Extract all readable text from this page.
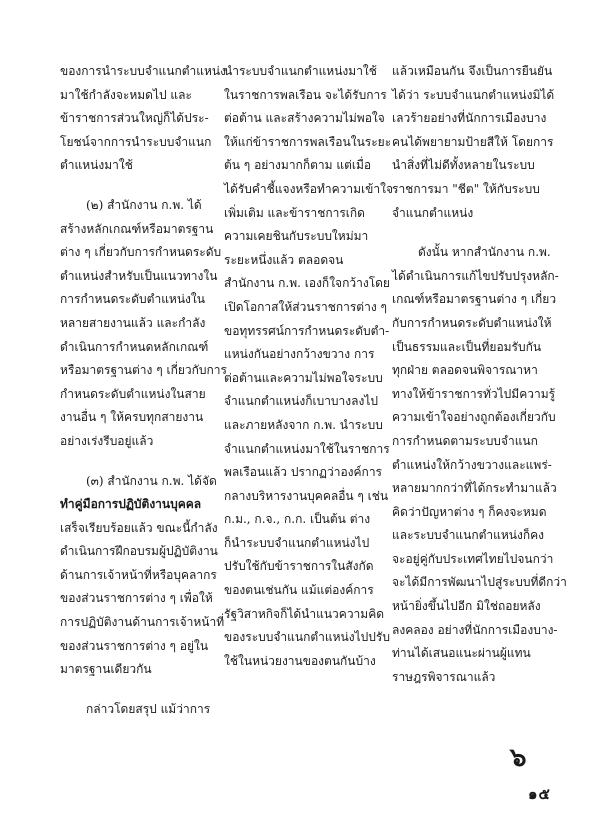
ของการนำระบบจำแนกตำแหน่ง
มาใช้กำลังจะหมดไป และ
ข้าราชการส่วนใหญ่ก็ได้ประ-
โยชน์จากการนำระบบจำแนก
ตำแหน่งมาใช้
(๒) สำนักงาน ก.พ. ได้
สร้างหลักเกณฑ์หรือมาตรฐาน
ต่าง ๆ เกี่ยวกับการกำหนดระดับ
ตำแหน่งสำหรับเป็นแนวทางใน
การกำหนดระดับตำแหน่งใน
หลายสายงานแล้ว และกำลัง
ดำเนินการกำหนดหลักเกณฑ์
หรือมาตรฐานต่าง ๆ เกี่ยวกับการ
กำหนดระดับตำแหน่งในสาย
งานอื่น ๆ ให้ครบทุกสายงาน
อย่างเร่งรีบอยู่แล้ว
(๓) สำนักงาน ก.พ. ได้จัด
ทำคู่มือการปฏิบัติงานบุคคล
เสร็จเรียบร้อยแล้ว ขณะนี้กำลัง
ดำเนินการฝึกอบรมผู้ปฏิบัติงาน
ด้านการเจ้าหน้าที่หรือบุคลากร
ของส่วนราชการต่าง ๆ เพื่อให้
การปฏิบัติงานด้านการเจ้าหน้าที่
ของส่วนราชการต่าง ๆ อยู่ใน
มาตรฐานเดียวกัน
กล่าวโดยสรุป แม้ว่าการ
นำระบบจำแนกตำแหน่งมาใช้
ในราชการพลเรือน จะได้รับการ
ต่อต้าน และสร้างความไม่พอใจ
ให้แก่ข้าราชการพลเรือนในระยะ
ต้น ๆ อย่างมากก็ตาม แต่เมื่อ
ได้รับคำชี้แจงหรือทำความเข้าใจ
เพิ่มเติม และข้าราชการเกิด
ความเคยชินกับระบบใหม่มา
ระยะหนึ่งแล้ว ตลอดจน
สำนักงาน ก.พ. เองก็ใจกว้างโดย
เปิดโอกาสให้ส่วนราชการต่าง ๆ
ขอทุทรรศน์การกำหนดระดับตำ-
แหน่งกันอย่างกว้างขวาง การ
ต่อต้านและความไม่พอใจระบบ
จำแนกตำแหน่งก็เบาบางลงไป
และภายหลังจาก ก.พ. นำระบบ
จำแนกตำแหน่งมาใช้ในราชการ
พลเรือนแล้ว ปรากฏว่าองค์การ
กลางบริหารงานบุคคลอื่น ๆ เช่น
ก.ม., ก.จ., ก.ก. เป็นต้น ต่าง
ก็นำระบบจำแนกตำแหน่งไป
ปรับใช้กับข้าราชการในสังกัด
ของตนเช่นกัน แม้แต่องค์การ
รัฐวิสาหกิจก็ได้นำแนวความคิด
ของระบบจำแนกตำแหน่งไปปรับ
ใช้ในหน่วยงานของตนกันบ้าง
แล้วเหมือนกัน จึงเป็นการยืนยัน
ได้ว่า ระบบจำแนกตำแหน่งมิได้
เลวร้ายอย่างที่นักการเมืองบาง
คนได้พยายามป้ายสีให้ โดยการ
นำสิ่งที่ไม่ดีทั้งหลายในระบบ
ราชการมา "ชีต" ให้กับระบบ
จำแนกตำแหน่ง
ดังนั้น หากสำนักงาน ก.พ.
ได้ดำเนินการแก้ไขปรับปรุงหลัก-
เกณฑ์หรือมาตรฐานต่าง ๆ เกี่ยว
กับการกำหนดระดับตำแหน่งให้
เป็นธรรมและเป็นที่ยอมรับกัน
ทุกฝ่าย ตลอดจนพิจารณาหา
ทางให้ข้าราชการทั่วไปมีความรู้
ความเข้าใจอย่างถูกต้องเกี่ยวกับ
การกำหนดตามระบบจำแนก
ตำแหน่งให้กว้างขวางและแพร่-
หลายมากกว่าที่ได้กระทำมาแล้ว
คิดว่าปัญหาต่าง ๆ ก็คงจะหมด
และระบบจำแนกตำแหน่งก็คง
จะอยู่คู่กับประเทศไทยไปจนกว่า
จะได้มีการพัฒนาไปสู่ระบบที่ดีกว่า
หน้ายิ่งขึ้นไปอีก มิใช่ถอยหลัง
ลงคลอง อย่างที่นักการเมืองบาง-
ท่านได้เสนอแนะผ่านผู้แทน
ราษฎรพิจารณาแล้ว
๖
๑๕
